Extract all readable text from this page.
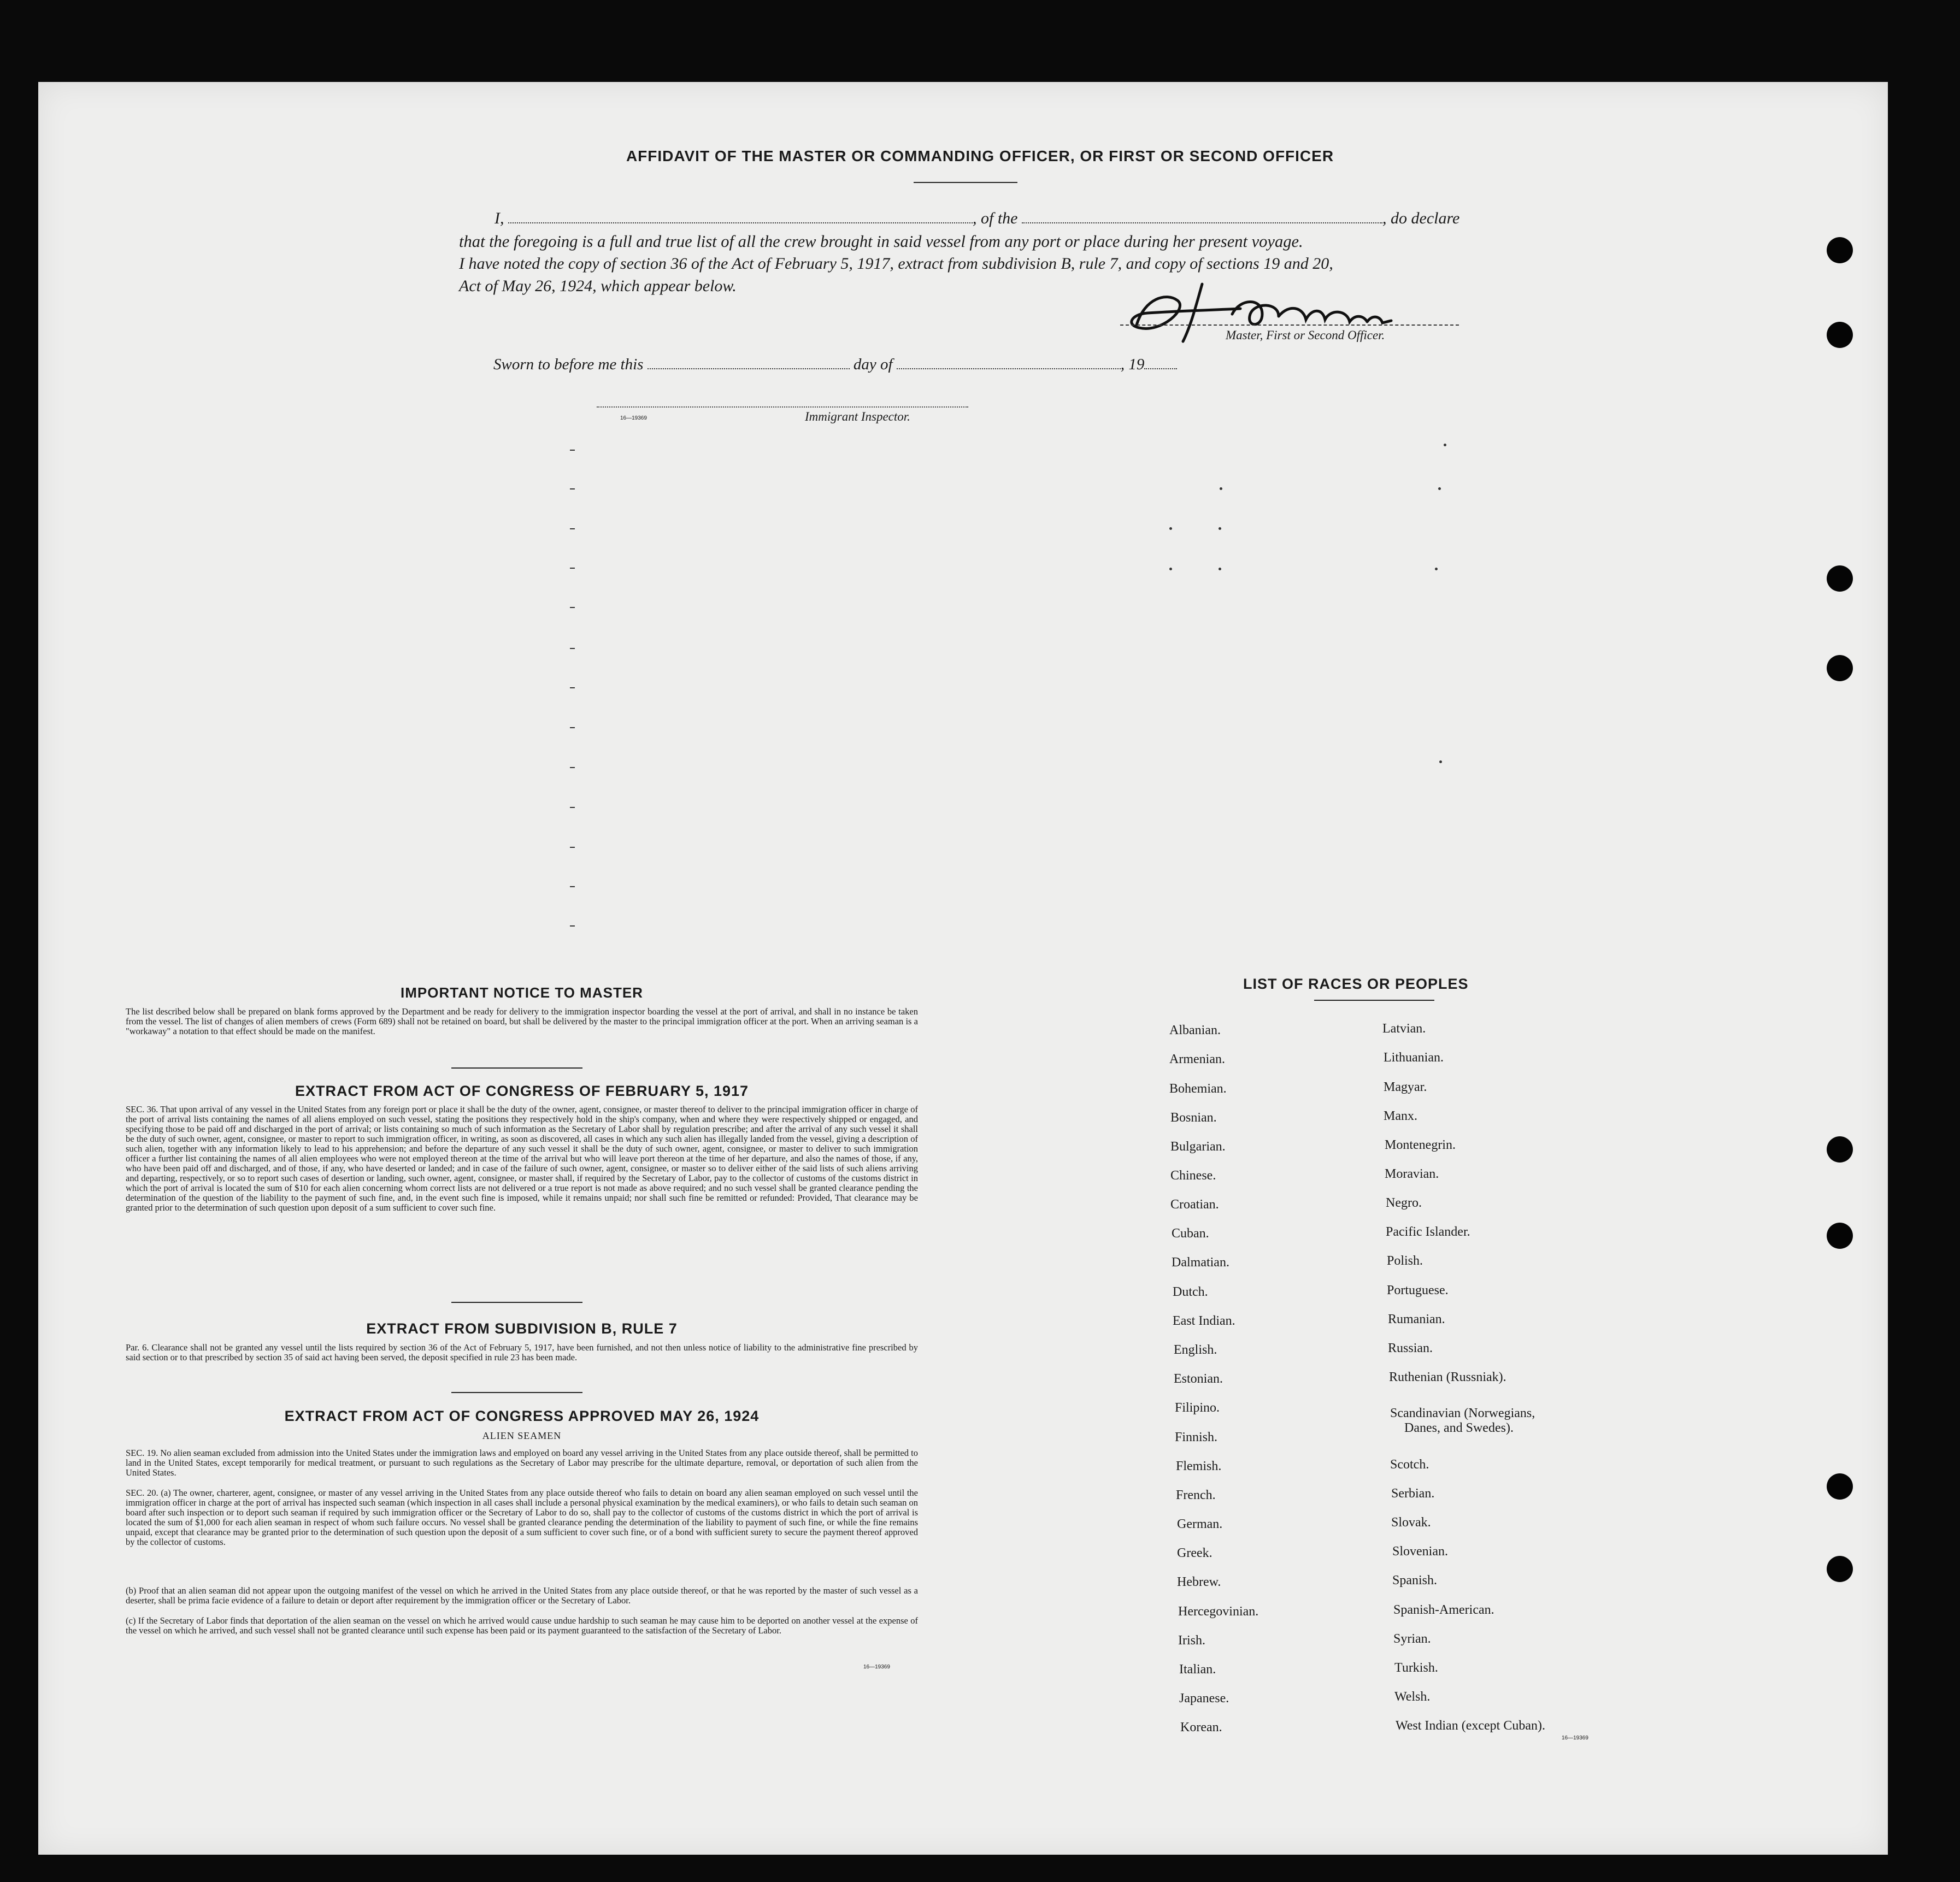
AFFIDAVIT OF THE MASTER OR COMMANDING OFFICER, OR FIRST OR SECOND OFFICER
I,	, of the	, do declare
that the foregoing is a full and true list of all the crew brought in said vessel from any port or place during her present voyage.
I have noted the copy of section 36 of the Act of February 5, 1917, extract from subdivision B, rule 7, and copy of sections 19 and 20,
Act of May 26, 1924, which appear below.
Master, First or Second Officer.
Sworn to before me this	day of	, 19
16—19369	Immigrant Inspector.
IMPORTANT NOTICE TO MASTER
The list described below shall be prepared on blank forms approved by the Department and be ready for delivery to the immigration inspector boarding the vessel at the port of arrival, and shall in no instance be taken from the vessel. The list of changes of alien members of crews (Form 689) shall not be retained on board, but shall be delivered by the master to the principal immigration officer at the port. When an arriving seaman is a "workaway" a notation to that effect should be made on the manifest.
EXTRACT FROM ACT OF CONGRESS OF FEBRUARY 5, 1917
SEC. 36. That upon arrival of any vessel in the United States from any foreign port or place it shall be the duty of the owner, agent, consignee, or master thereof to deliver to the principal immigration officer in charge of the port of arrival lists containing the names of all aliens employed on such vessel, stating the positions they respectively hold in the ship's company, when and where they were respectively shipped or engaged, and specifying those to be paid off and discharged in the port of arrival; or lists containing so much of such information as the Secretary of Labor shall by regulation prescribe; and after the arrival of any such vessel it shall be the duty of such owner, agent, consignee, or master to report to such immigration officer, in writing, as soon as discovered, all cases in which any such alien has illegally landed from the vessel, giving a description of such alien, together with any information likely to lead to his apprehension; and before the departure of any such vessel it shall be the duty of such owner, agent, consignee, or master to deliver to such immigration officer a further list containing the names of all alien employees who were not employed thereon at the time of the arrival but who will leave port thereon at the time of her departure, and also the names of those, if any, who have been paid off and discharged, and of those, if any, who have deserted or landed; and in case of the failure of such owner, agent, consignee, or master so to deliver either of the said lists of such aliens arriving and departing, respectively, or so to report such cases of desertion or landing, such owner, agent, consignee, or master shall, if required by the Secretary of Labor, pay to the collector of customs of the customs district in which the port of arrival is located the sum of $10 for each alien concerning whom correct lists are not delivered or a true report is not made as above required; and no such vessel shall be granted clearance pending the determination of the question of the liability to the payment of such fine, and, in the event such fine is imposed, while it remains unpaid; nor shall such fine be remitted or refunded: Provided, That clearance may be granted prior to the determination of such question upon deposit of a sum sufficient to cover such fine.
EXTRACT FROM SUBDIVISION B, RULE 7
Par. 6. Clearance shall not be granted any vessel until the lists required by section 36 of the Act of February 5, 1917, have been furnished, and not then unless notice of liability to the administrative fine prescribed by said section or to that prescribed by section 35 of said act having been served, the deposit specified in rule 23 has been made.
EXTRACT FROM ACT OF CONGRESS APPROVED MAY 26, 1924
ALIEN SEAMEN
SEC. 19. No alien seaman excluded from admission into the United States under the immigration laws and employed on board any vessel arriving in the United States from any place outside thereof, shall be permitted to land in the United States, except temporarily for medical treatment, or pursuant to such regulations as the Secretary of Labor may prescribe for the ultimate departure, removal, or deportation of such alien from the United States.
SEC. 20. (a) The owner, charterer, agent, consignee, or master of any vessel arriving in the United States from any place outside thereof who fails to detain on board any alien seaman employed on such vessel until the immigration officer in charge at the port of arrival has inspected such seaman (which inspection in all cases shall include a personal physical examination by the medical examiners), or who fails to detain such seaman on board after such inspection or to deport such seaman if required by such immigration officer or the Secretary of Labor to do so, shall pay to the collector of customs of the customs district in which the port of arrival is located the sum of $1,000 for each alien seaman in respect of whom such failure occurs. No vessel shall be granted clearance pending the determination of the liability to payment of such fine, or while the fine remains unpaid, except that clearance may be granted prior to the determination of such question upon the deposit of a sum sufficient to cover such fine, or of a bond with sufficient surety to secure the payment thereof approved by the collector of customs.
(b) Proof that an alien seaman did not appear upon the outgoing manifest of the vessel on which he arrived in the United States from any place outside thereof, or that he was reported by the master of such vessel as a deserter, shall be prima facie evidence of a failure to detain or deport after requirement by the immigration officer or the Secretary of Labor.
(c) If the Secretary of Labor finds that deportation of the alien seaman on the vessel on which he arrived would cause undue hardship to such seaman he may cause him to be deported on another vessel at the expense of the vessel on which he arrived, and such vessel shall not be granted clearance until such expense has been paid or its payment guaranteed to the satisfaction of the Secretary of Labor.
16—19369
LIST OF RACES OR PEOPLES
Albanian.
Armenian.
Bohemian.
Bosnian.
Bulgarian.
Chinese.
Croatian.
Cuban.
Dalmatian.
Dutch.
East Indian.
English.
Estonian.
Filipino.
Finnish.
Flemish.
French.
German.
Greek.
Hebrew.
Hercegovinian.
Irish.
Italian.
Japanese.
Korean.
Latvian.
Lithuanian.
Magyar.
Manx.
Montenegrin.
Moravian.
Negro.
Pacific Islander.
Polish.
Portuguese.
Rumanian.
Russian.
Ruthenian (Russniak).
Scandinavian (Norwegians,
Danes, and Swedes).
Scotch.
Serbian.
Slovak.
Slovenian.
Spanish.
Spanish-American.
Syrian.
Turkish.
Welsh.
West Indian (except Cuban).
16—19369
